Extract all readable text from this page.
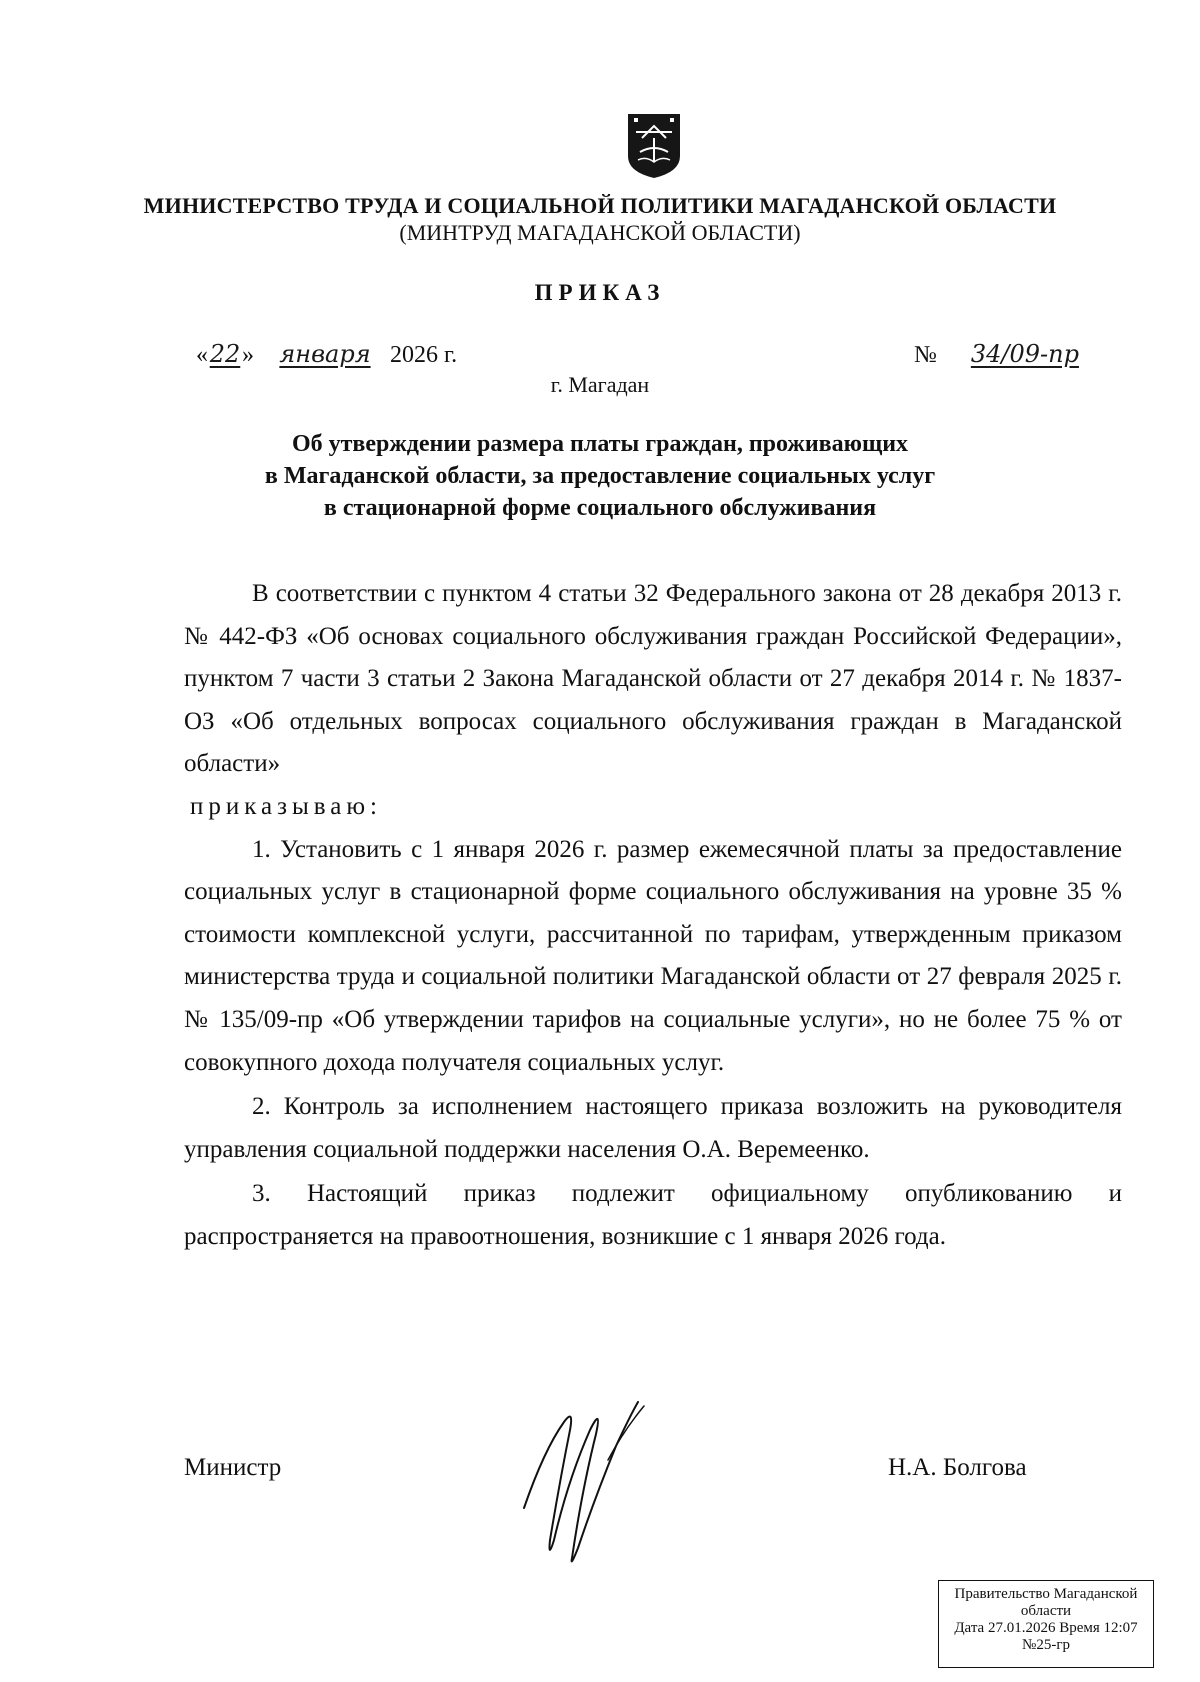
МИНИСТЕРСТВО ТРУДА И СОЦИАЛЬНОЙ ПОЛИТИКИ МАГАДАНСКОЙ ОБЛАСТИ
(МИНТРУД МАГАДАНСКОЙ ОБЛАСТИ)
ПРИКАЗ
«22» января 2026 г.	№ 34/09-пр
г. Магадан
Об утверждении размера платы граждан, проживающих
в Магаданской области, за предоставление социальных услуг
в стационарной форме социального обслуживания

В соответствии с пунктом 4 статьи 32 Федерального закона от 28 декабря 2013 г. № 442-ФЗ «Об основах социального обслуживания граждан Российской Федерации», пунктом 7 части 3 статьи 2 Закона Магаданской области от 27 декабря 2014 г. № 1837-ОЗ «Об отдельных вопросах социального обслуживания граждан в Магаданской области»

приказываю:

1. Установить с 1 января 2026 г. размер ежемесячной платы за предоставление социальных услуг в стационарной форме социального обслуживания на уровне 35 % стоимости комплексной услуги, рассчитанной по тарифам, утвержденным приказом министерства труда и социальной политики Магаданской области от 27 февраля 2025 г. № 135/09-пр «Об утверждении тарифов на социальные услуги», но не более 75 % от совокупного дохода получателя социальных услуг.

2. Контроль за исполнением настоящего приказа возложить на руководителя управления социальной поддержки населения О.А. Веремеенко.

3. Настоящий приказ подлежит официальному опубликованию и распространяется на правоотношения, возникшие с 1 января 2026 года.

Министр	Н.А. Болгова
Правительство Магаданской
области
Дата 27.01.2026 Время 12:07
№25-гр
